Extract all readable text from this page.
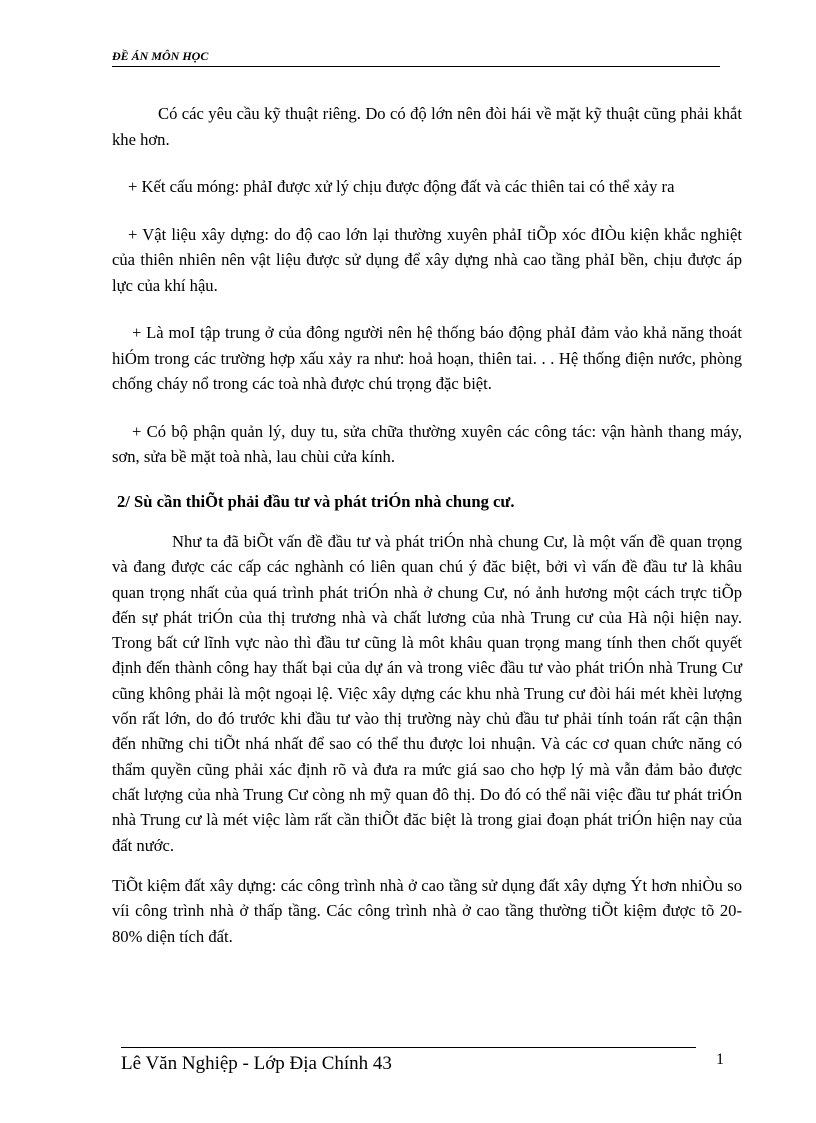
ĐỀ ÁN MÔN HỌC

Có các yêu cầu kỹ thuật riêng. Do có độ lớn nên đòi hái về mặt kỹ thuật cũng phải khắt khe hơn.

+ Kết cấu móng: phảI được xử lý chịu được động đất và các thiên tai có thể xảy ra

+ Vật liệu xây dựng: do độ cao lớn lại thường xuyên phảI tiÕp xóc đIÒu kiện khắc nghiệt của thiên nhiên nên vật liệu được sử dụng để xây dựng nhà cao tầng phảI bền, chịu được áp lực của khí hậu.

+ Là moI tập trung ở của đông người nên hệ thống báo động phảI đảm vảo khả năng thoát hiÓm trong các trường hợp xấu xảy ra như: hoả hoạn, thiên tai. . . Hệ thống điện nước, phòng chống cháy nổ trong các toà nhà được chú trọng đặc biệt.

+ Có bộ phận quản lý, duy tu, sửa chữa thường xuyên các công tác: vận hành thang máy, sơn, sửa bề mặt toà nhà, lau chùi cửa kính.

2/ Sù cần thiÕt phải đầu tư và phát triÓn nhà chung cư.

Như ta đã biÕt vấn đề đầu tư và phát triÓn nhà chung Cư, là một vấn đề quan trọng và đang được các cấp các nghành có liên quan chú ý đăc biệt, bởi vì vấn đề đầu tư là khâu quan trọng nhất của quá trình phát triÓn nhà ở chung Cư, nó ảnh hương một cách trực tiÕp đến sự phát triÓn của thị trương nhà và chất lương của nhà Trung cư của Hà nội hiện nay. Trong bất cứ lĩnh vực nào thì đầu tư cũng là môt khâu quan trọng mang tính then chốt quyết định đến thành công hay thất bại của dự án và trong viêc đầu tư vào phát triÓn nhà Trung Cư cũng không phải là một ngoại lệ. Việc xây dựng các khu nhà Trung cư đòi hái mét khèi lượng vốn rất lớn, do đó trước khi đầu tư vào thị trường này chủ đầu tư phải tính toán rất cận thận đến những chi tiÕt nhá nhất để sao có thể thu được loi nhuận. Và các cơ quan chức năng có thẩm quyền cũng phải xác định rõ và đưa ra mức giá sao cho hợp lý mà vẫn đảm bảo được chất lượng của nhà Trung Cư còng nh mỹ quan đô thị. Do đó có thể nãi việc đầu tư phát triÓn nhà Trung cư là mét việc làm rất cần thiÕt đăc biệt là trong giai đoạn phát triÓn hiện nay của đất nước.

TiÕt kiệm đất xây dựng: các công trình nhà ở cao tầng sử dụng đất xây dựng Ýt hơn nhiÒu so víi công trình nhà ở thấp tầng. Các công trình nhà ở cao tầng thường tiÕt kiệm được tõ 20-80% diện tích đất.

Lê Văn Nghiệp - Lớp Địa Chính 43	1
